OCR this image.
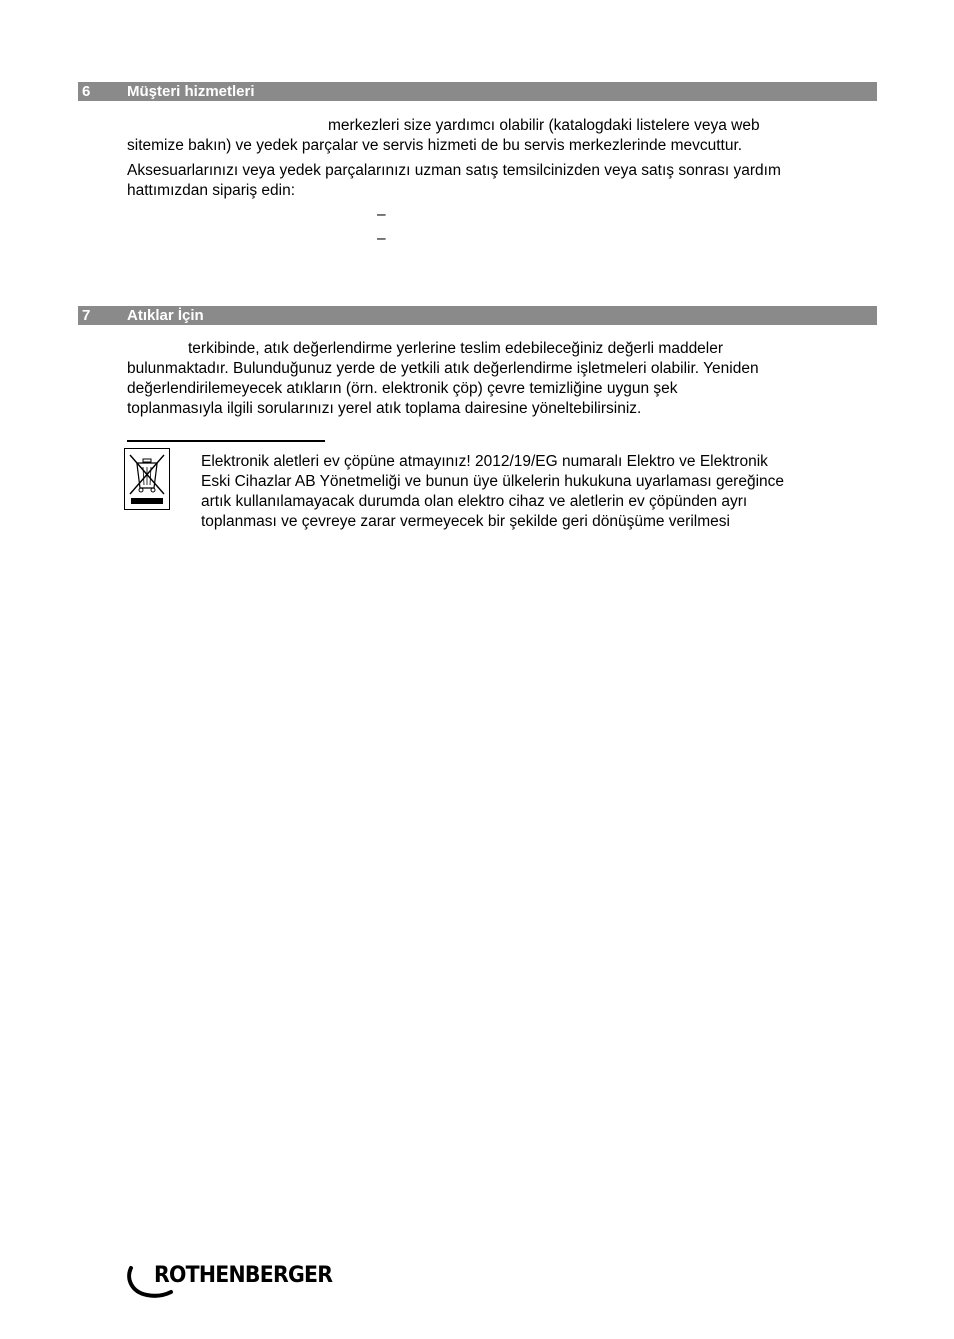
6 Müşteri hizmetleri
merkezleri size yardımcı olabilir (katalogdaki listelere veya web
sitemize bakın) ve yedek parçalar ve servis hizmeti de bu servis merkezlerinde mevcuttur.
Aksesuarlarınızı veya yedek parçalarınızı uzman satış temsilcinizden veya satış sonrası yardım
hattımızdan sipariş edin:
–
–
7 Atıklar İçin
terkibinde, atık değerlendirme yerlerine teslim edebileceğiniz değerli maddeler
bulunmaktadır. Bulunduğunuz yerde de yetkili atık değerlendirme işletmeleri olabilir. Yeniden
değerlendirilemeyecek atıkların (örn. elektronik çöp) çevre temizliğine uygun şek
toplanmasıyla ilgili sorularınızı yerel atık toplama dairesine yöneltebilirsiniz.
Elektronik aletleri ev çöpüne atmayınız! 2012/19/EG numaralı Elektro ve Elektronik
Eski Cihazlar AB Yönetmeliği ve bunun üye ülkelerin hukukuna uyarlaması gereğince
artık kullanılamayacak durumda olan elektro cihaz ve aletlerin ev çöpünden ayrı
toplanması ve çevreye zarar vermeyecek bir şekilde geri dönüşüme verilmesi
ROTHENBERGER
